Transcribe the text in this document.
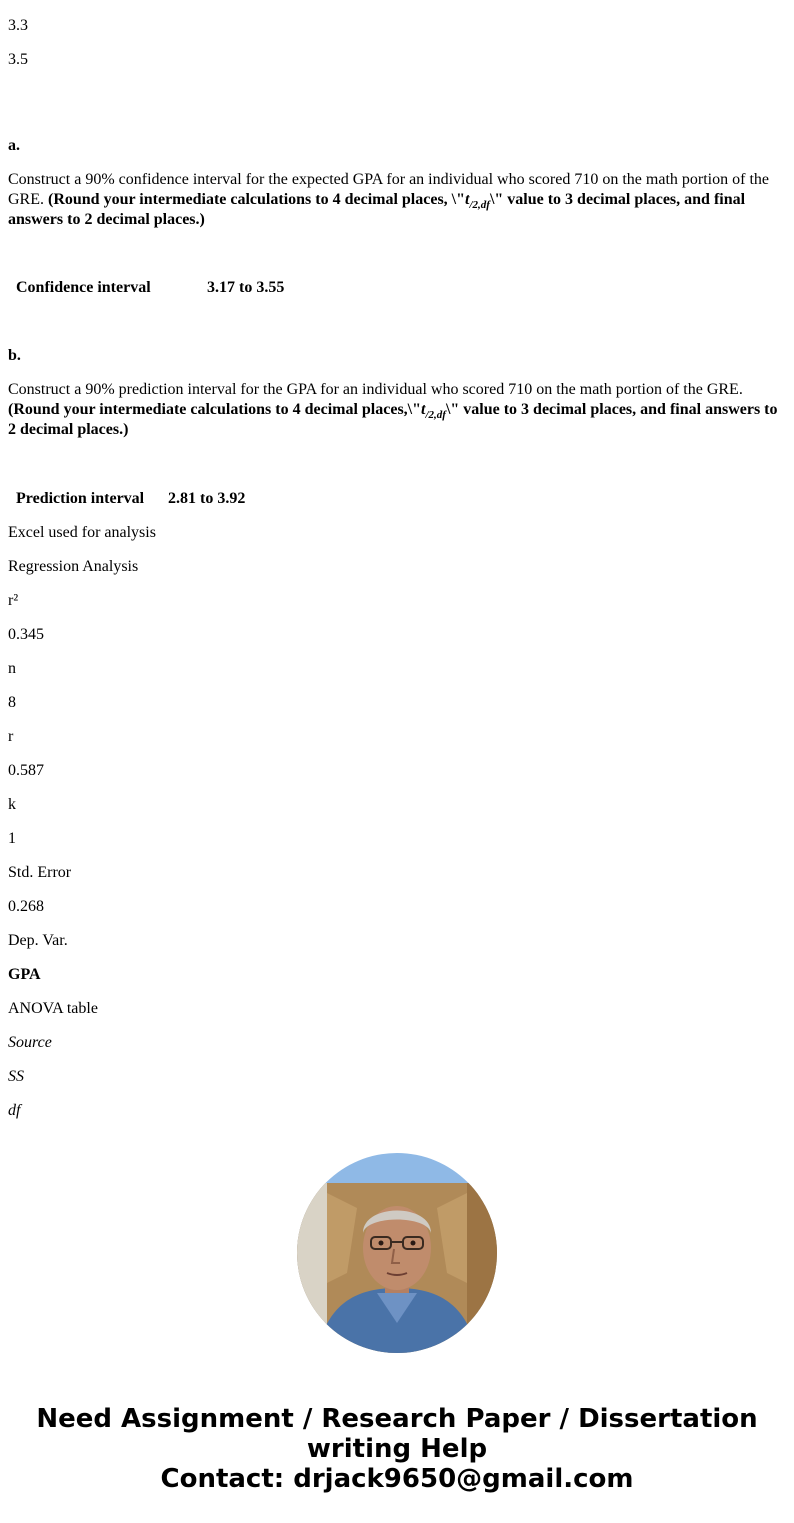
3.3

3.5

a.

Construct a 90% confidence interval for the expected GPA for an individual who scored 710 on the math portion of the GRE. (Round your intermediate calculations to 4 decimal places, $\backslash"t_{/2,df}\backslash$" value to 3 decimal places, and final answers to 2 decimal places.)

Confidence interval	3.17 to 3.55

b.

Construct a 90% prediction interval for the GPA for an individual who scored 710 on the math portion of the GRE. (Round your intermediate calculations to 4 decimal $places,\backslash"t_{/2,df}\backslash$" value to 3 decimal places, and final answers to 2 decimal places.)

Prediction interval 2.81 to 3.92

Excel used for analysis

Regression Analysis

r²

0.345

n

8

r

0.587

k

1

Std. Error

0.268

Dep. Var.

GPA

ANOVA table

Source

SS

df

Need Assignment / Research Paper / Dissertation
writing Help
Contact: drjack9650@gmail.com
